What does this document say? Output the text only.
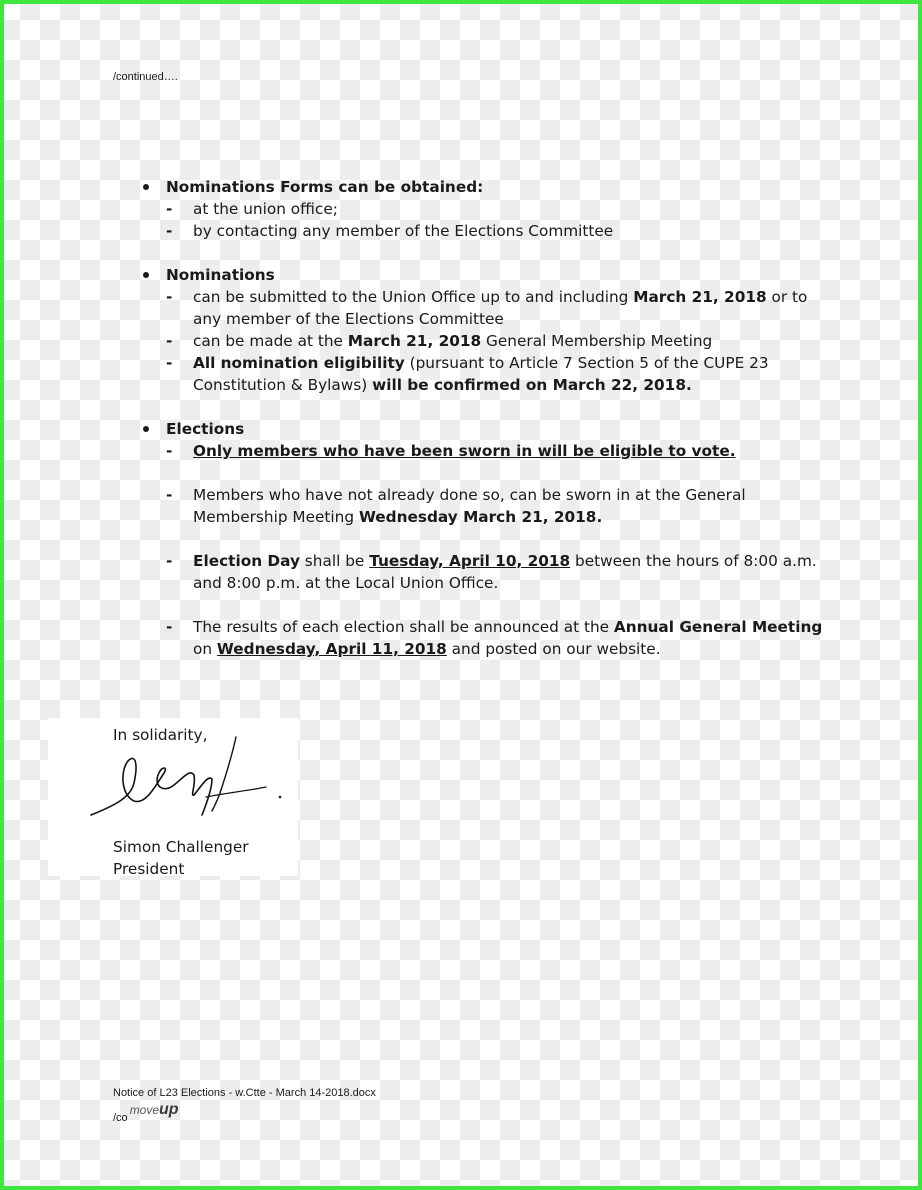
/continued….
Nominations Forms can be obtained:
- at the union office;
- by contacting any member of the Elections Committee
Nominations
- can be submitted to the Union Office up to and including March 21, 2018 or to any member of the Elections Committee
- can be made at the March 21, 2018 General Membership Meeting
- All nomination eligibility (pursuant to Article 7 Section 5 of the CUPE 23 Constitution & Bylaws) will be confirmed on March 22, 2018.
Elections
- Only members who have been sworn in will be eligible to vote.
- Members who have not already done so, can be sworn in at the General Membership Meeting Wednesday March 21, 2018.
- Election Day shall be Tuesday, April 10, 2018 between the hours of 8:00 a.m. and 8:00 p.m. at the Local Union Office.
- The results of each election shall be announced at the Annual General Meeting on Wednesday, April 11, 2018 and posted on our website.
In solidarity,
Simon Challenger
President
Notice of L23 Elections - w.Ctte - March 14-2018.docx
/co
moveup
